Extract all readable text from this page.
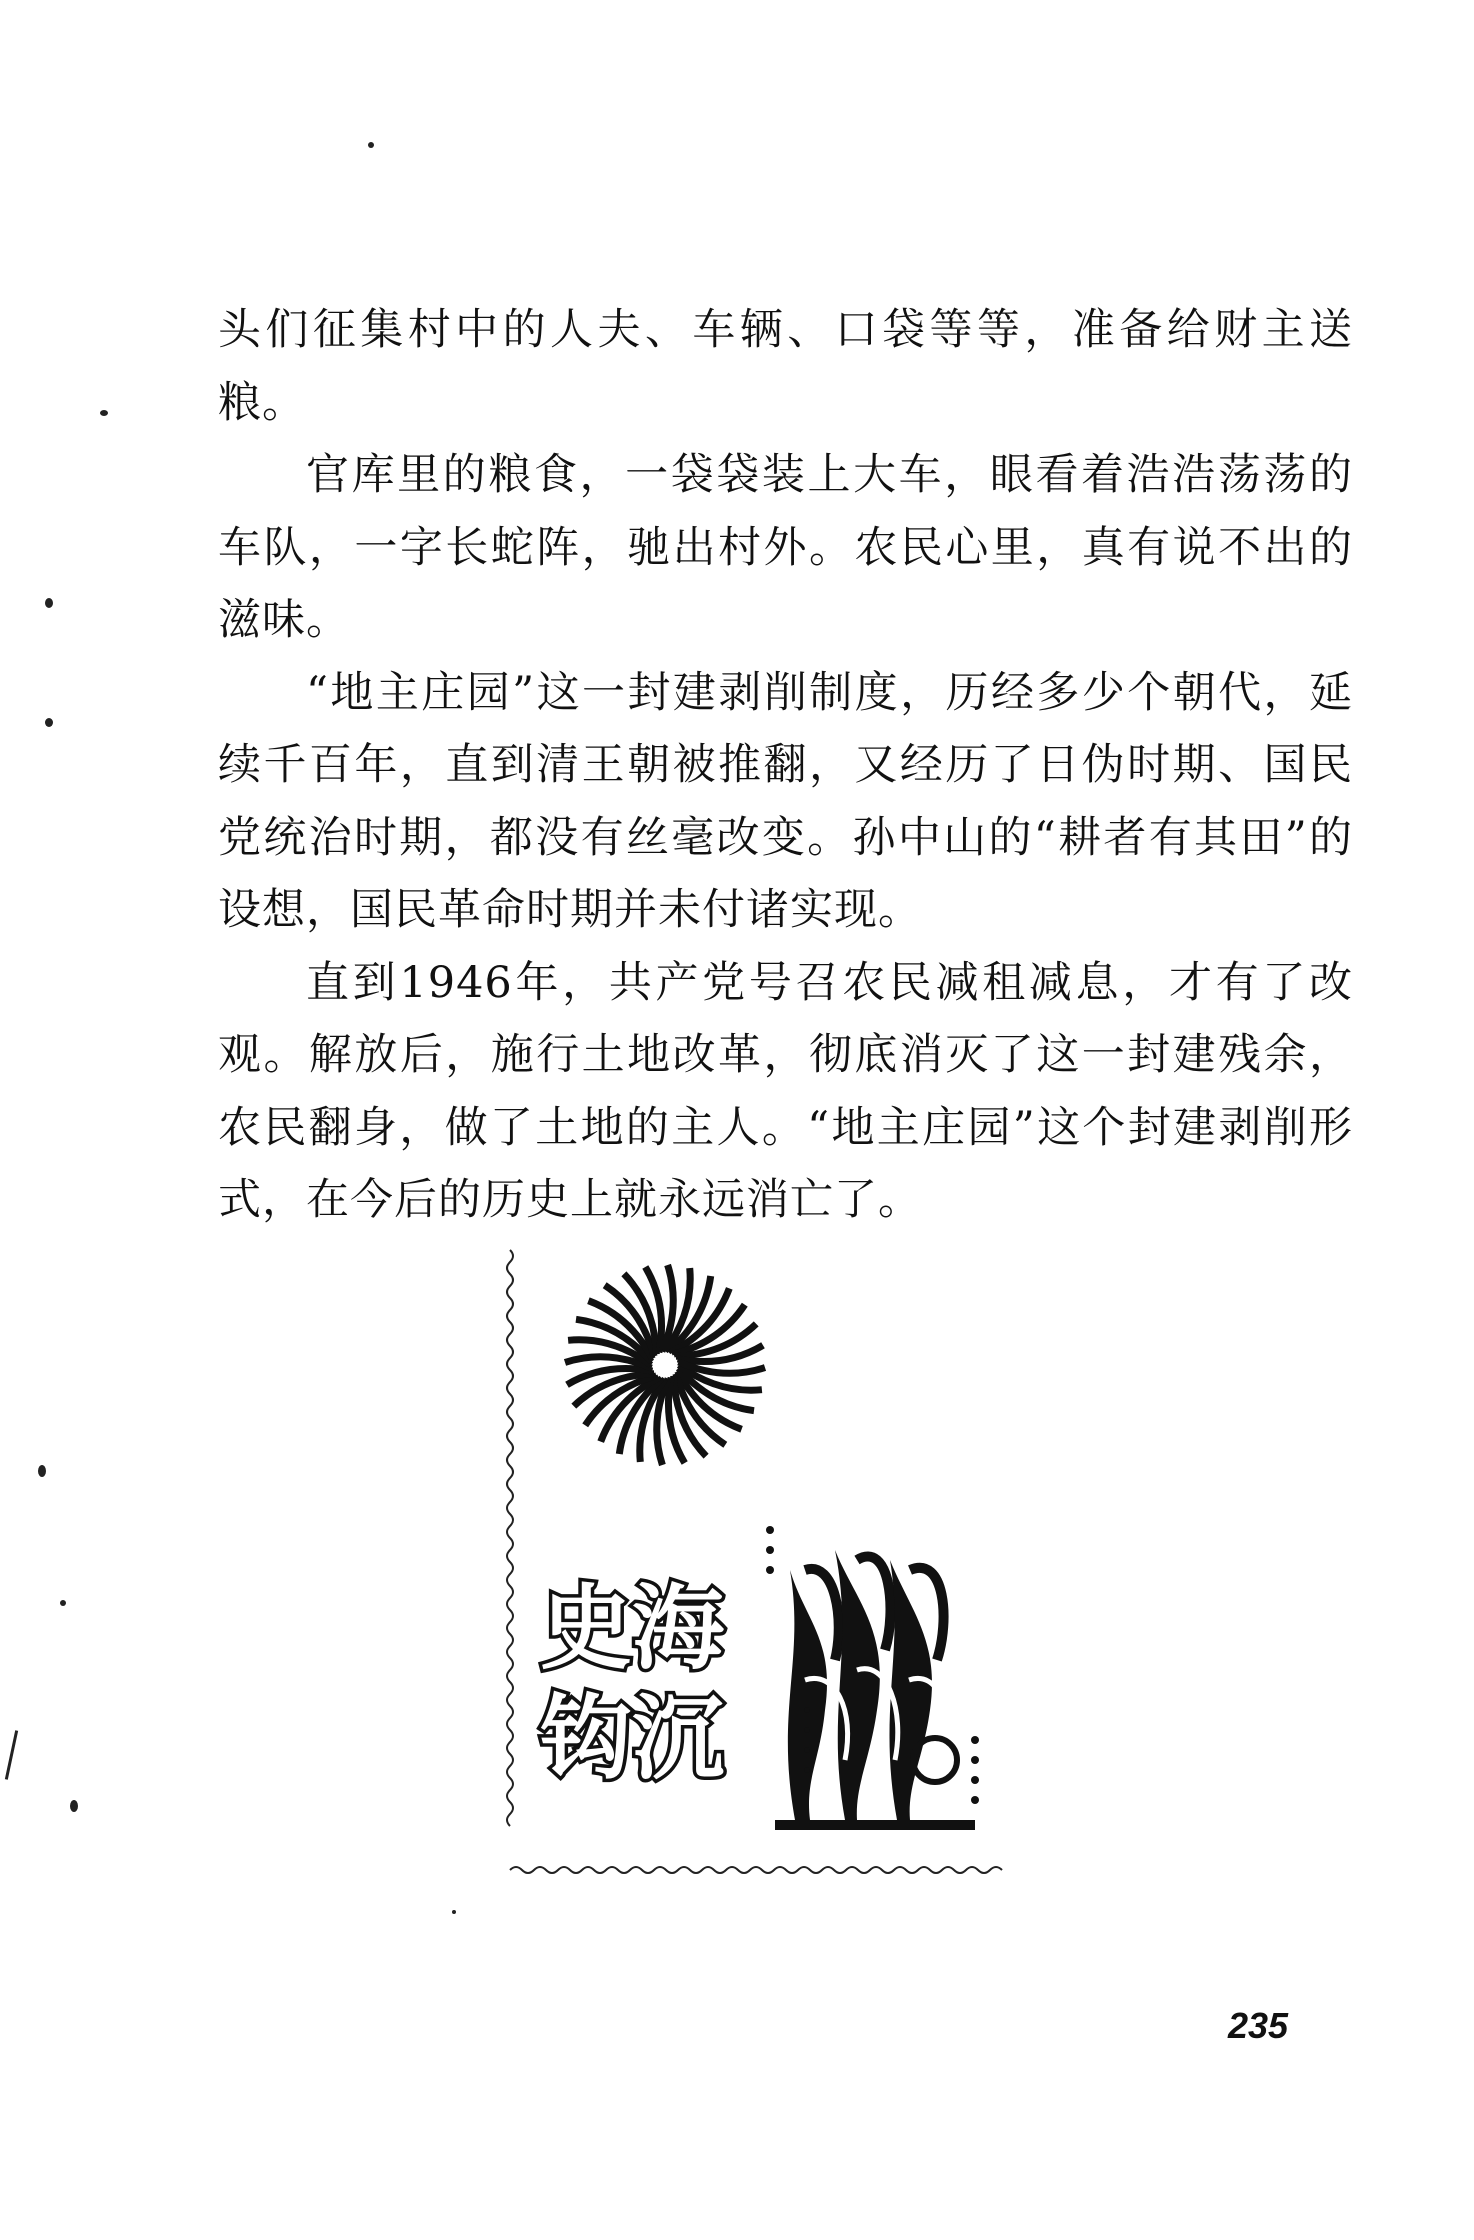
头们征集村中的人夫、车辆、口袋等等，准备给财主送粮。

官库里的粮食，一袋袋装上大车，眼看着浩浩荡荡的车队，一字长蛇阵，驰出村外。农民心里，真有说不出的滋味。

“地主庄园”这一封建剥削制度，历经多少个朝代，延续千百年，直到清王朝被推翻，又经历了日伪时期、国民党统治时期，都没有丝毫改变。孙中山的“耕者有其田”的设想，国民革命时期并未付诸实现。

直到1946年，共产党号召农民减租减息，才有了改观。解放后，施行土地改革，彻底消灭了这一封建残余，农民翻身，做了土地的主人。“地主庄园”这个封建剥削形式，在今后的历史上就永远消亡了。

史海
钩沉
235
